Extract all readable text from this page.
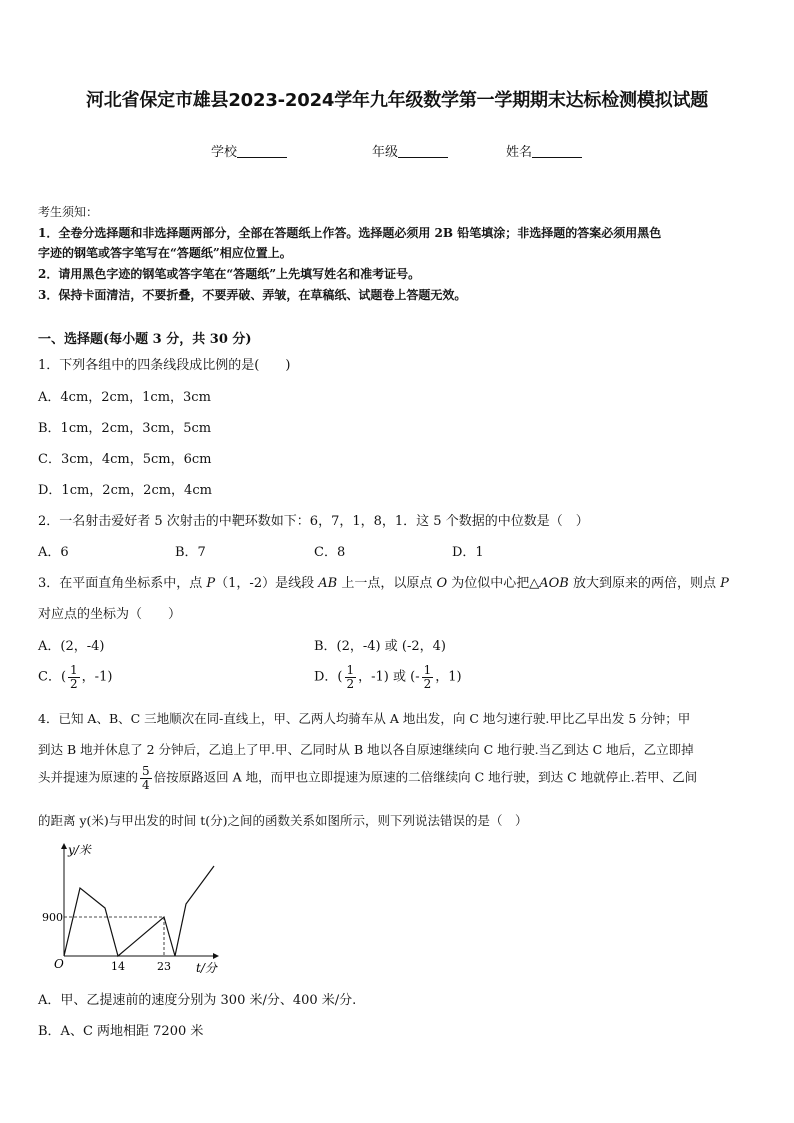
河北省保定市雄县2023-2024学年九年级数学第一学期期末达标检测模拟试题
学校	年级	姓名
考生须知：
1．全卷分选择题和非选择题两部分，全部在答题纸上作答。选择题必须用 2B 铅笔填涂；非选择题的答案必须用黑色
字迹的钢笔或答字笔写在“答题纸”相应位置上。
2．请用黑色字迹的钢笔或答字笔在“答题纸”上先填写姓名和准考证号。
3．保持卡面清洁，不要折叠，不要弄破、弄皱，在草稿纸、试题卷上答题无效。
一、选择题(每小题 3 分，共 30 分)
1．下列各组中的四条线段成比例的是(　　)
A．4cm，2cm，1cm，3cm
B．1cm，2cm，3cm，5cm
C．3cm，4cm，5cm，6cm
D．1cm，2cm，2cm，4cm
2．一名射击爱好者 5 次射击的中靶环数如下：6，7，1，8，1．这 5 个数据的中位数是（　）
A．6	B．7	C．8	D．1
3．在平面直角坐标系中，点 P（1，-2）是线段 AB 上一点，以原点 O 为位似中心把△AOB 放大到原来的两倍，则点 P
对应点的坐标为（　　）
A．(2，-4)	B．(2，-4) 或 (-2，4)
C．( $\frac{1}{2}$ ，-1)	D．( $\frac{1}{2}$ ，-1) 或 (- $\frac{1}{2}$ ，1)
4．已知 A、B、C 三地顺次在同-直线上，甲、乙两人均骑车从 A 地出发，向 C 地匀速行驶.甲比乙早出发 5 分钟；甲
到达 B 地并休息了 2 分钟后，乙追上了甲.甲、乙同时从 B 地以各自原速继续向 C 地行驶.当乙到达 C 地后，乙立即掉
头并提速为原速的 $\frac{5}{4}$ 倍按原路返回 A 地，而甲也立即提速为原速的二倍继续向 C 地行驶，到达 C 地就停止.若甲、乙间
的距离 y(米)与甲出发的时间 t(分)之间的函数关系如图所示，则下列说法错误的是（　）
y/米
900
O	14	23 t/分
A．甲、乙提速前的速度分别为 300 米/分、400 米/分.
B．A、C 两地相距 7200 米
